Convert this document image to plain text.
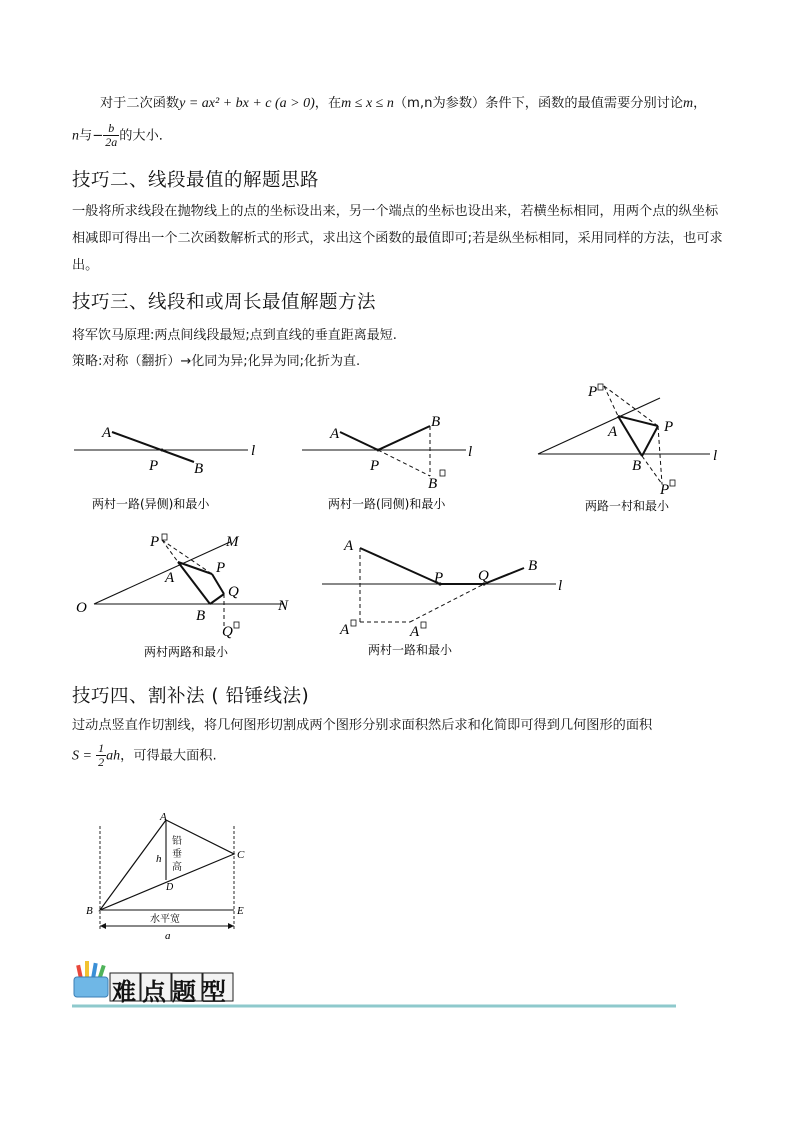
对于二次函数y = ax² + bx + c (a > 0)，在m ≤ x ≤ n（m,n为参数）条件下，函数的最值需要分别讨论m，
n与− $\frac{b}{2a}$ 的大小．
技巧二、线段最值的解题思路
一般将所求线段在抛物线上的点的坐标设出来，另一个端点的坐标也设出来，若横坐标相同，用两个点的纵坐标相减即可得出一个二次函数解析式的形式，求出这个函数的最值即可;若是纵坐标相同，采用同样的方法，也可求出。
技巧三、线段和或周长最值解题方法
将军饮马原理:两点间线段最短;点到直线的垂直距离最短.
策略:对称（翻折）→化同为异;化异为同;化折为直.
A
P B
l
两村一路(异侧)和最小
A
B
P
l
B
两村一路(同侧)和最小
P
A	P
B
l
P
两路一村和最小
P	M
A
P
Q
O	B
N
Q
两村两路和最小
A
P Q
B
l
A	A
两村一路和最小
技巧四、割补法 ( 铅锤线法)
过动点竖直作切割线，将几何图形切割成两个图形分别求面积然后求和化简即可得到几何图形的面积
$S = \frac{1}{2}$ ah，可得最大面积.
A
B
C
D
E
h
铅
垂
高
水平宽
a
难点题型
